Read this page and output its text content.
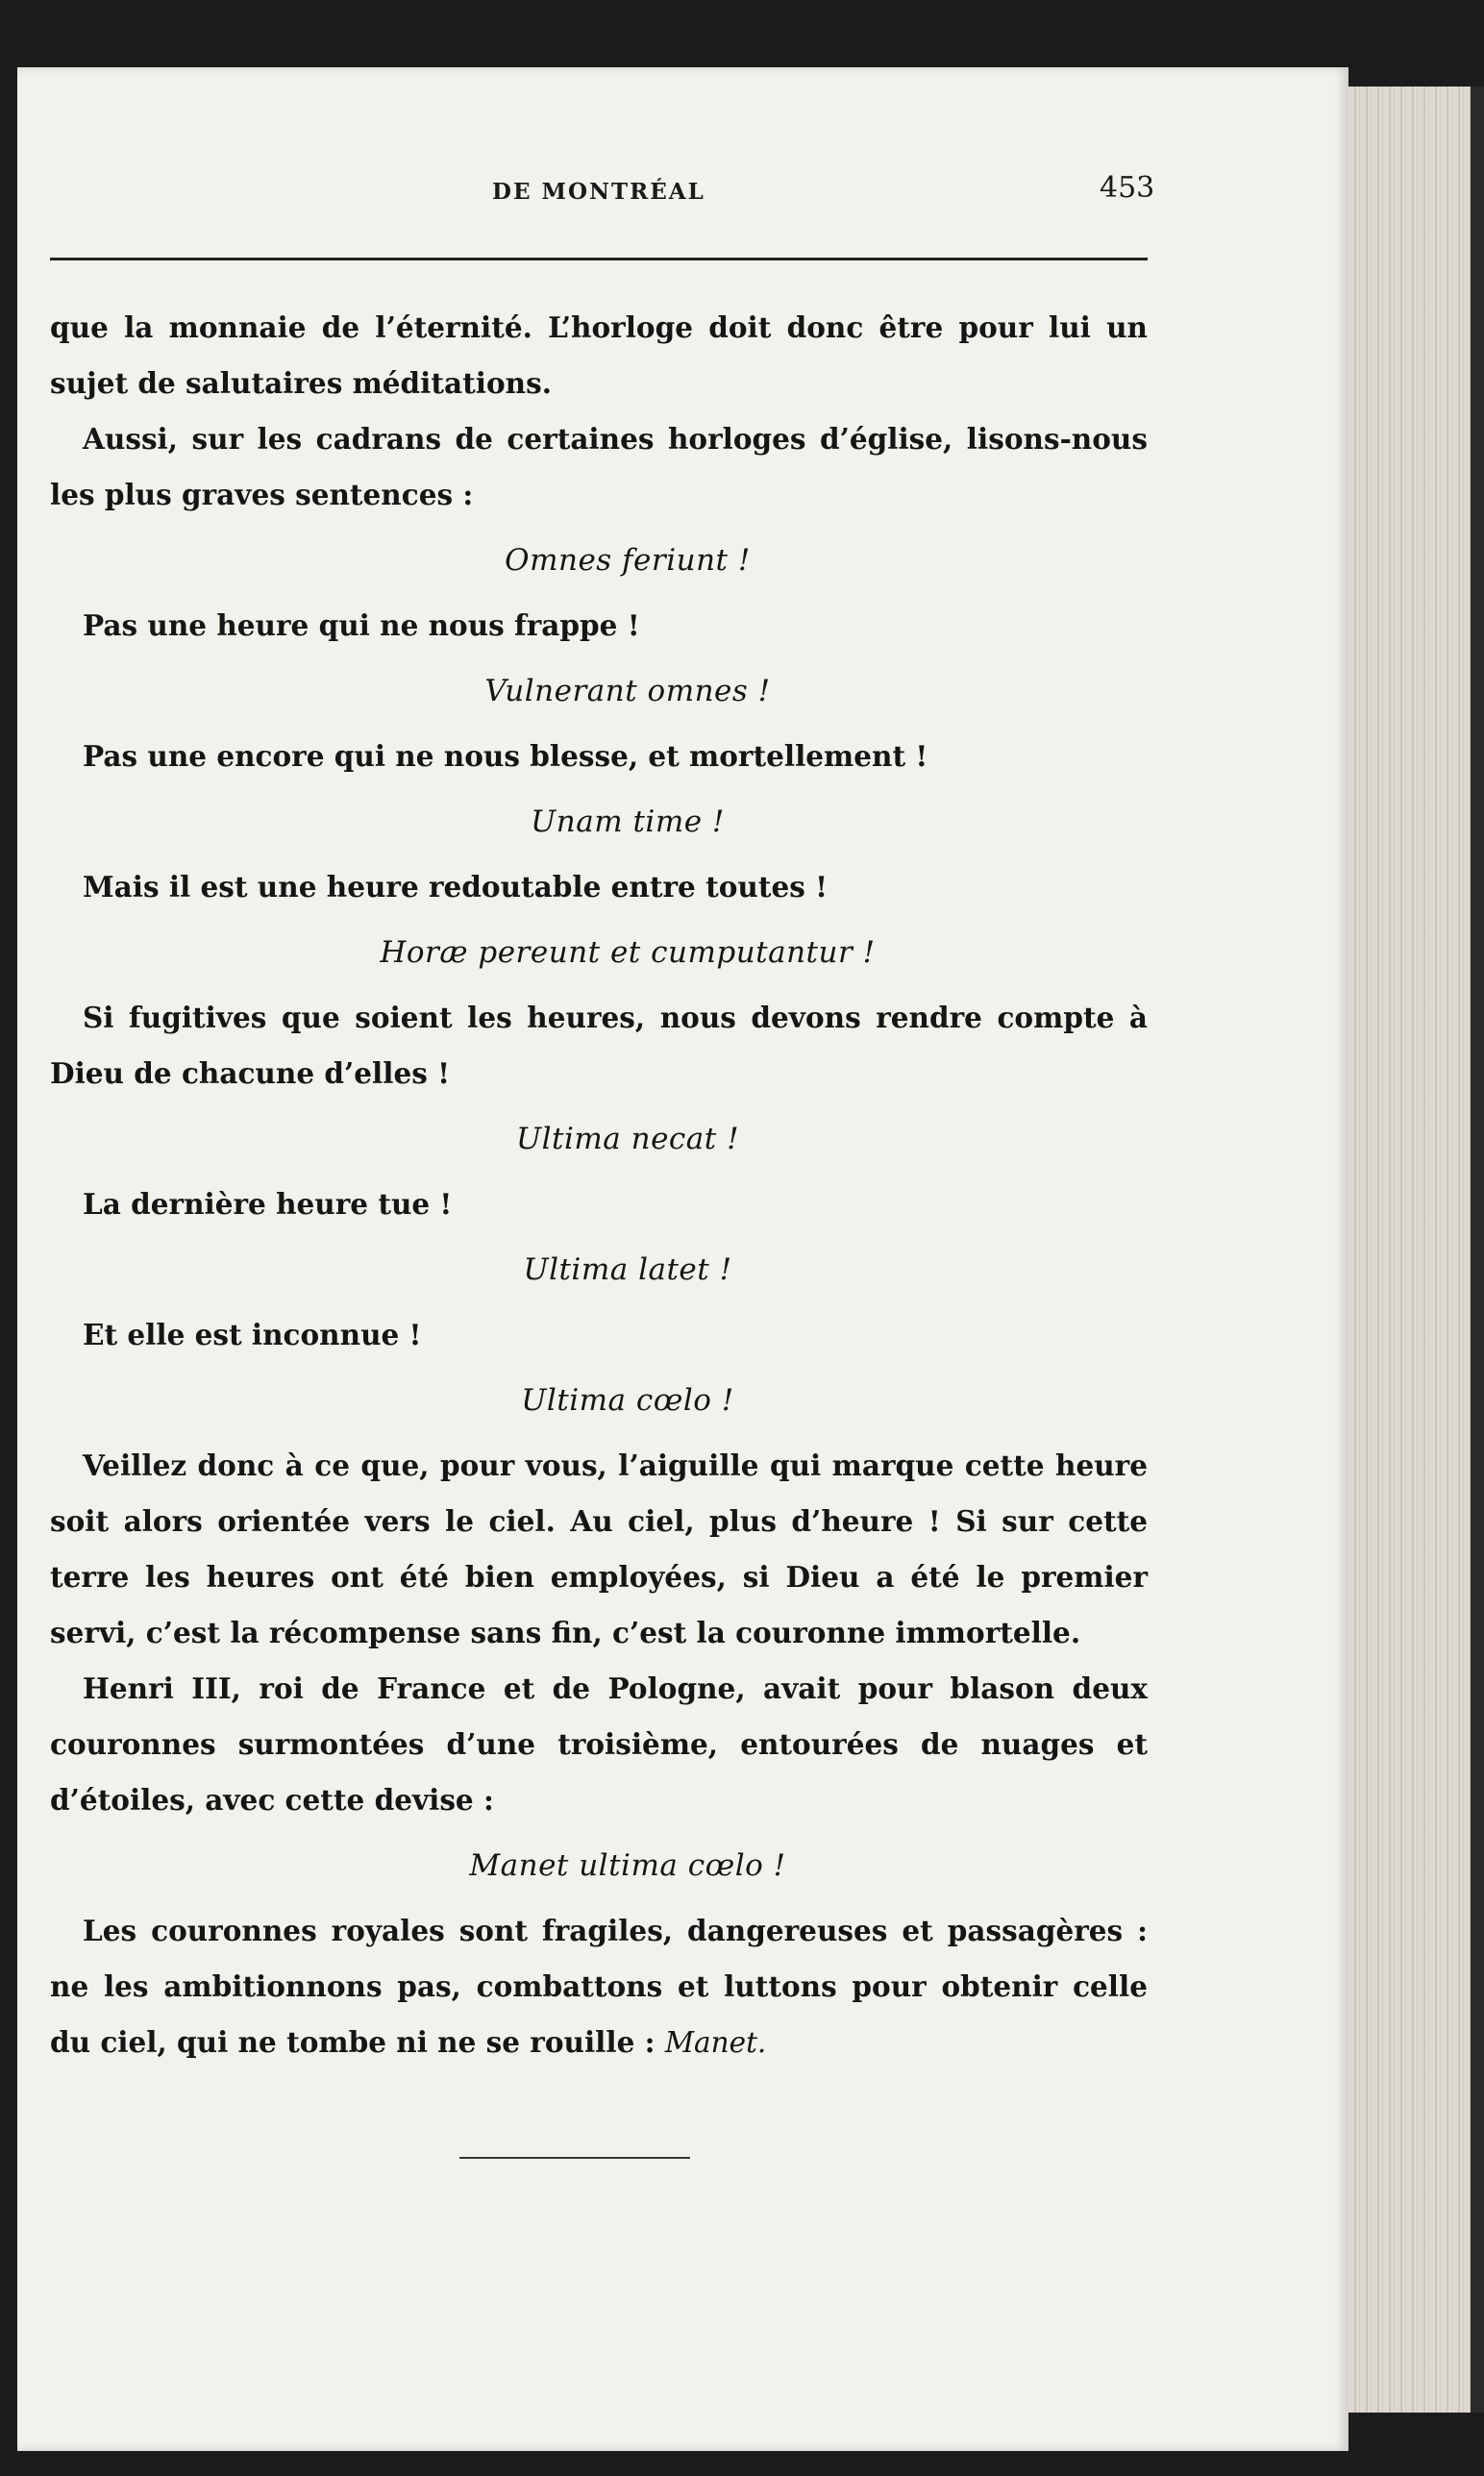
DE MONTRÉAL	453

que la monnaie de l’éternité. L’horloge doit donc être pour lui un sujet de salutaires méditations.

Aussi, sur les cadrans de certaines horloges d’église, lisons-nous les plus graves sentences :

Omnes feriunt !

Pas une heure qui ne nous frappe !

Vulnerant omnes !

Pas une encore qui ne nous blesse, et mortellement !

Unam time !

Mais il est une heure redoutable entre toutes !

Horæ pereunt et cumputantur !

Si fugitives que soient les heures, nous devons rendre compte à Dieu de chacune d’elles !

Ultima necat !

La dernière heure tue !

Ultima latet !

Et elle est inconnue !

Ultima cœlo !

Veillez donc à ce que, pour vous, l’aiguille qui marque cette heure soit alors orientée vers le ciel. Au ciel, plus d’heure ! Si sur cette terre les heures ont été bien employées, si Dieu a été le premier servi, c’est la récompense sans fin, c’est la couronne immortelle.

Henri III, roi de France et de Pologne, avait pour blason deux couronnes surmontées d’une troisième, entourées de nuages et d’étoiles, avec cette devise :

Manet ultima cœlo !

Les couronnes royales sont fragiles, dangereuses et passagères : ne les ambitionnons pas, combattons et luttons pour obtenir celle du ciel, qui ne tombe ni ne se rouille : Manet.
